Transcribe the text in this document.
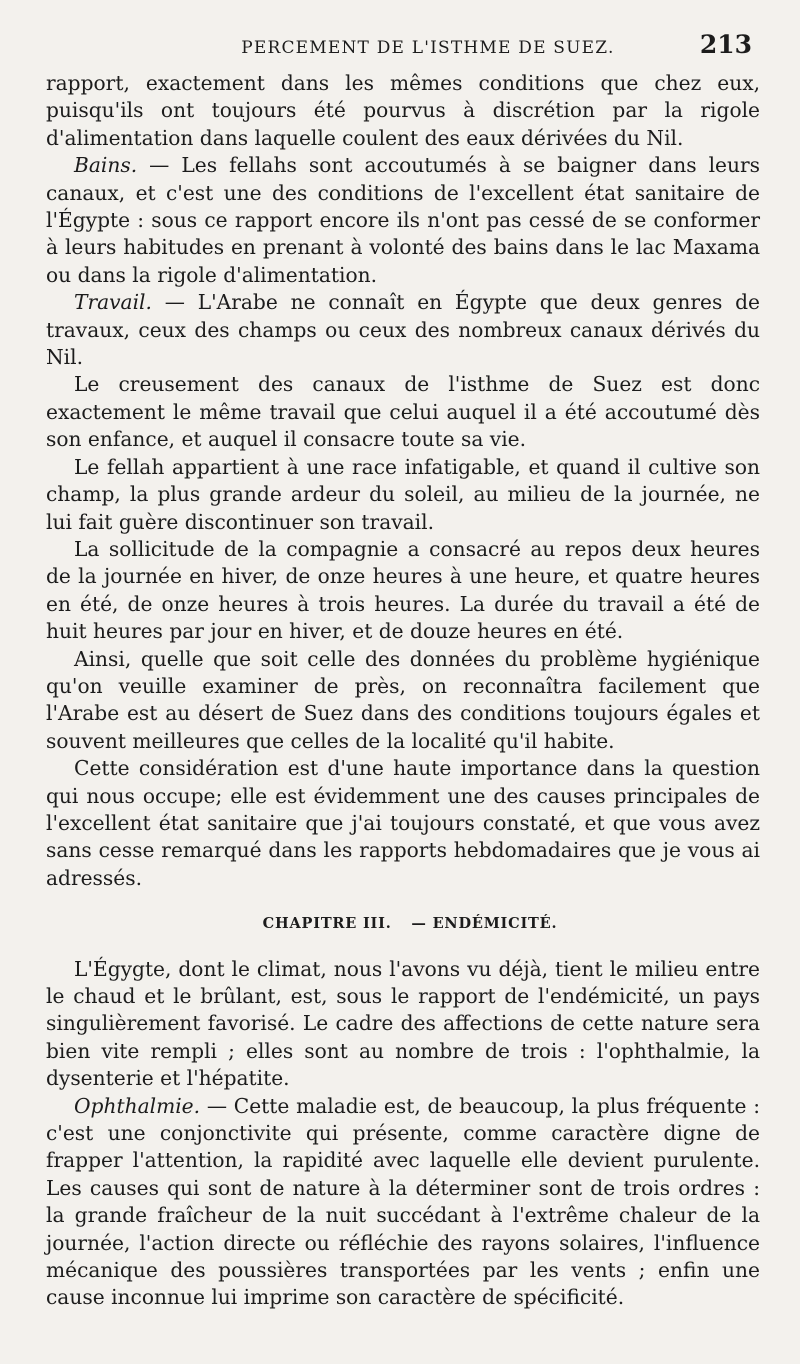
PERCEMENT DE L'ISTHME DE SUEZ.	213

rapport, exactement dans les mêmes conditions que chez eux, puisqu'ils ont toujours été pourvus à discrétion par la rigole d'alimentation dans laquelle coulent des eaux dérivées du Nil.

Bains. — Les fellahs sont accoutumés à se baigner dans leurs canaux, et c'est une des conditions de l'excellent état sanitaire de l'Égypte : sous ce rapport encore ils n'ont pas cessé de se conformer à leurs habitudes en prenant à volonté des bains dans le lac Maxama ou dans la rigole d'alimentation.

Travail. — L'Arabe ne connaît en Égypte que deux genres de travaux, ceux des champs ou ceux des nombreux canaux dérivés du Nil.

Le creusement des canaux de l'isthme de Suez est donc exactement le même travail que celui auquel il a été accoutumé dès son enfance, et auquel il consacre toute sa vie.

Le fellah appartient à une race infatigable, et quand il cultive son champ, la plus grande ardeur du soleil, au milieu de la journée, ne lui fait guère discontinuer son travail.

La sollicitude de la compagnie a consacré au repos deux heures de la journée en hiver, de onze heures à une heure, et quatre heures en été, de onze heures à trois heures. La durée du travail a été de huit heures par jour en hiver, et de douze heures en été.

Ainsi, quelle que soit celle des données du problème hygiénique qu'on veuille examiner de près, on reconnaîtra facilement que l'Arabe est au désert de Suez dans des conditions toujours égales et souvent meilleures que celles de la localité qu'il habite.

Cette considération est d'une haute importance dans la question qui nous occupe; elle est évidemment une des causes principales de l'excellent état sanitaire que j'ai toujours constaté, et que vous avez sans cesse remarqué dans les rapports hebdomadaires que je vous ai adressés.

CHAPITRE III. — ENDÉMICITÉ.

L'Égygte, dont le climat, nous l'avons vu déjà, tient le milieu entre le chaud et le brûlant, est, sous le rapport de l'endémicité, un pays singulièrement favorisé. Le cadre des affections de cette nature sera bien vite rempli ; elles sont au nombre de trois : l'ophthalmie, la dysenterie et l'hépatite.

Ophthalmie. — Cette maladie est, de beaucoup, la plus fréquente : c'est une conjonctivite qui présente, comme caractère digne de frapper l'attention, la rapidité avec laquelle elle devient purulente. Les causes qui sont de nature à la déterminer sont de trois ordres : la grande fraîcheur de la nuit succédant à l'extrême chaleur de la journée, l'action directe ou réfléchie des rayons solaires, l'influence mécanique des poussières transportées par les vents ; enfin une cause inconnue lui imprime son caractère de spécificité.
